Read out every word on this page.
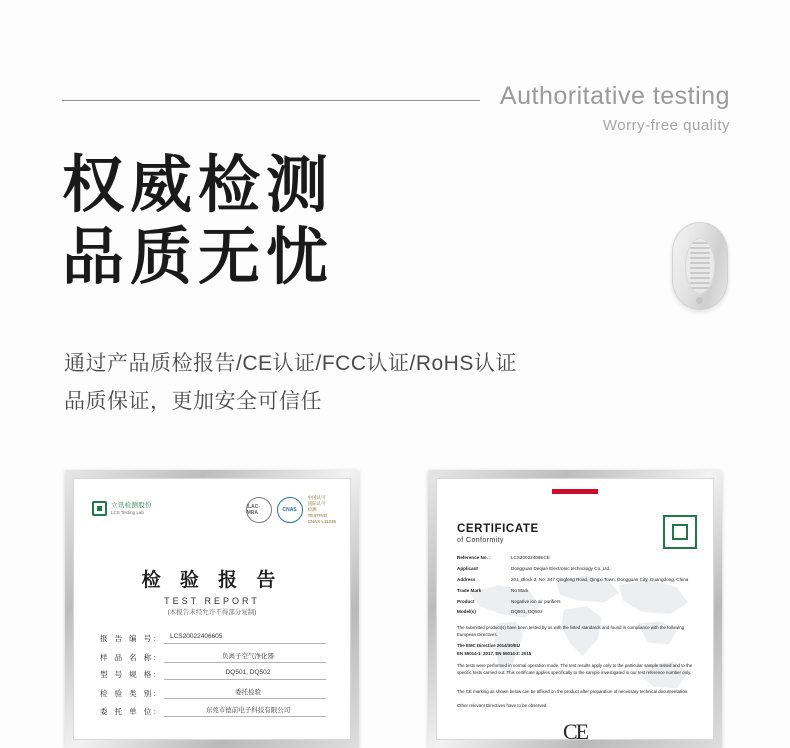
Authoritative testing
Worry-free quality
权威检测
品质无忧
通过产品质检报告/CE认证/FCC认证/RoHS认证
品质保证，更加安全可信任
立讯检测股份
LCS Testing Lab
ILAC-MRA	CNAS
中国认可
国际认可
检测
TESTING
CNAS L11335
检 验 报 告
TEST REPORT
(本报告未经允许不得部分复制)
报 告 编 号:	LCS20022406605
样 品 名 称:	负离子空气净化器
型 号 规 格:	DQ501, DQ502
检 验 类 别:	委托检验
委 托 单 位:	东莞市德前电子科技有限公司
CERTIFICATE
of Conformity
Reference No. :	LCS20022406ECE
Applicant	Dongguan Deqian Electronic technology Co.,Ltd.
Address	201, Block 3, No. 347 Qingfeng Road, Qingxi Town, Dongguan City, Guangdong, China
Trade Mark	No Mark
Product	Negative ion air purifiers
Model(s)	DQ501, DQ502
The submitted product(s) have been tested by us with the listed standards and found in compliance with the following European Directives.
The EMC Directive 2014/30/EU
EN 55014-1: 2017, EN 55014-2: 2015
The tests were performed in normal operation mode. The test results apply only to the particular sample tested and to the specific tests carried out. This certificate applies specifically to the sample investigated in our test reference number only.
The CE marking as shown below can be affixed on the product after preparation of necessary technical documentation.
Other relevant Directives have to be observed.
CE
